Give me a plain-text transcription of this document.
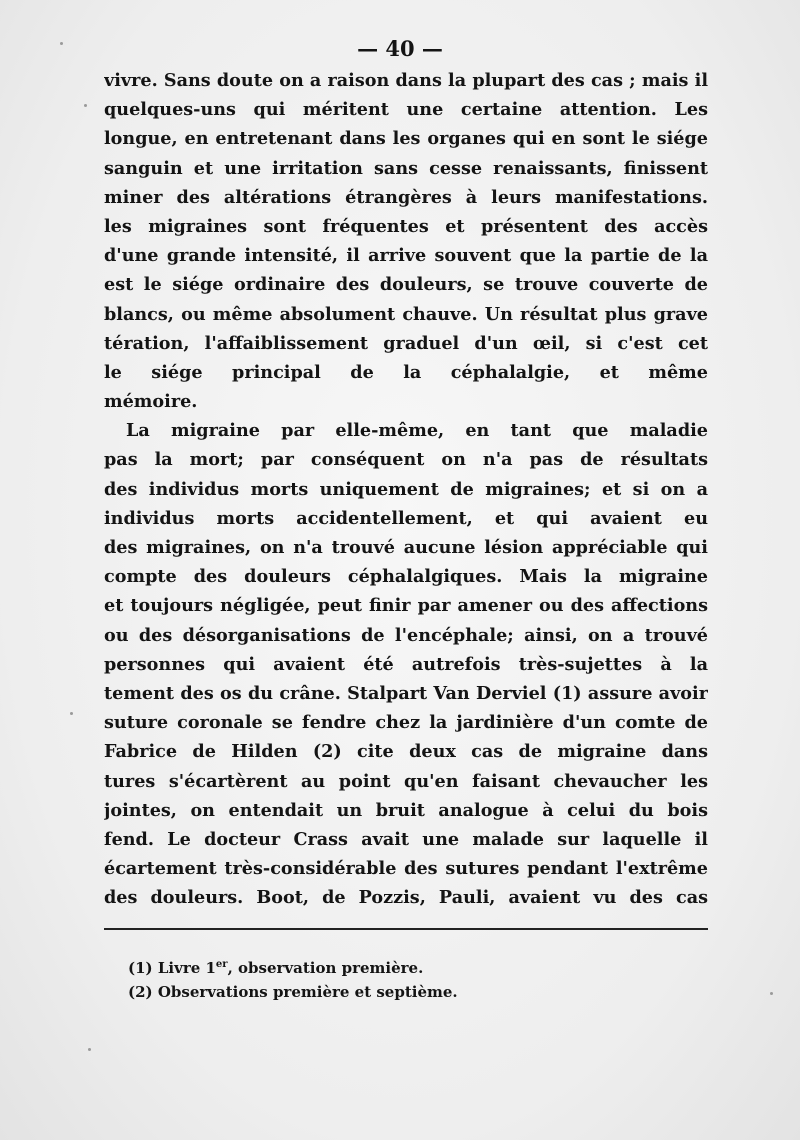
— 40 —
vivre. Sans doute on a raison dans la plupart des cas ; mais il
quelques-uns qui méritent une certaine attention. Les
longue, en entretenant dans les organes qui en sont le siége
sanguin et une irritation sans cesse renaissants, finissent
miner des altérations étrangères à leurs manifestations.
les migraines sont fréquentes et présentent des accès
d'une grande intensité, il arrive souvent que la partie de la
est le siége ordinaire des douleurs, se trouve couverte de
blancs, ou même absolument chauve. Un résultat plus grave
tération, l'affaiblissement graduel d'un œil, si c'est cet
le siége principal de la céphalalgie, et même
mémoire.
La migraine par elle-même, en tant que maladie
pas la mort; par conséquent on n'a pas de résultats
des individus morts uniquement de migraines; et si on a
individus morts accidentellement, et qui avaient eu
des migraines, on n'a trouvé aucune lésion appréciable qui
compte des douleurs céphalalgiques. Mais la migraine
et toujours négligée, peut finir par amener ou des affections
ou des désorganisations de l'encéphale; ainsi, on a trouvé
personnes qui avaient été autrefois très-sujettes à la
tement des os du crâne. Stalpart Van Derviel (1) assure avoir
suture coronale se fendre chez la jardinière d'un comte de
Fabrice de Hilden (2) cite deux cas de migraine dans
tures s'écartèrent au point qu'en faisant chevaucher les
jointes, on entendait un bruit analogue à celui du bois
fend. Le docteur Crass avait une malade sur laquelle il
écartement très-considérable des sutures pendant l'extrême
des douleurs. Boot, de Pozzis, Pauli, avaient vu des cas
(1) Livre 1er, observation première.
(2) Observations première et septième.
